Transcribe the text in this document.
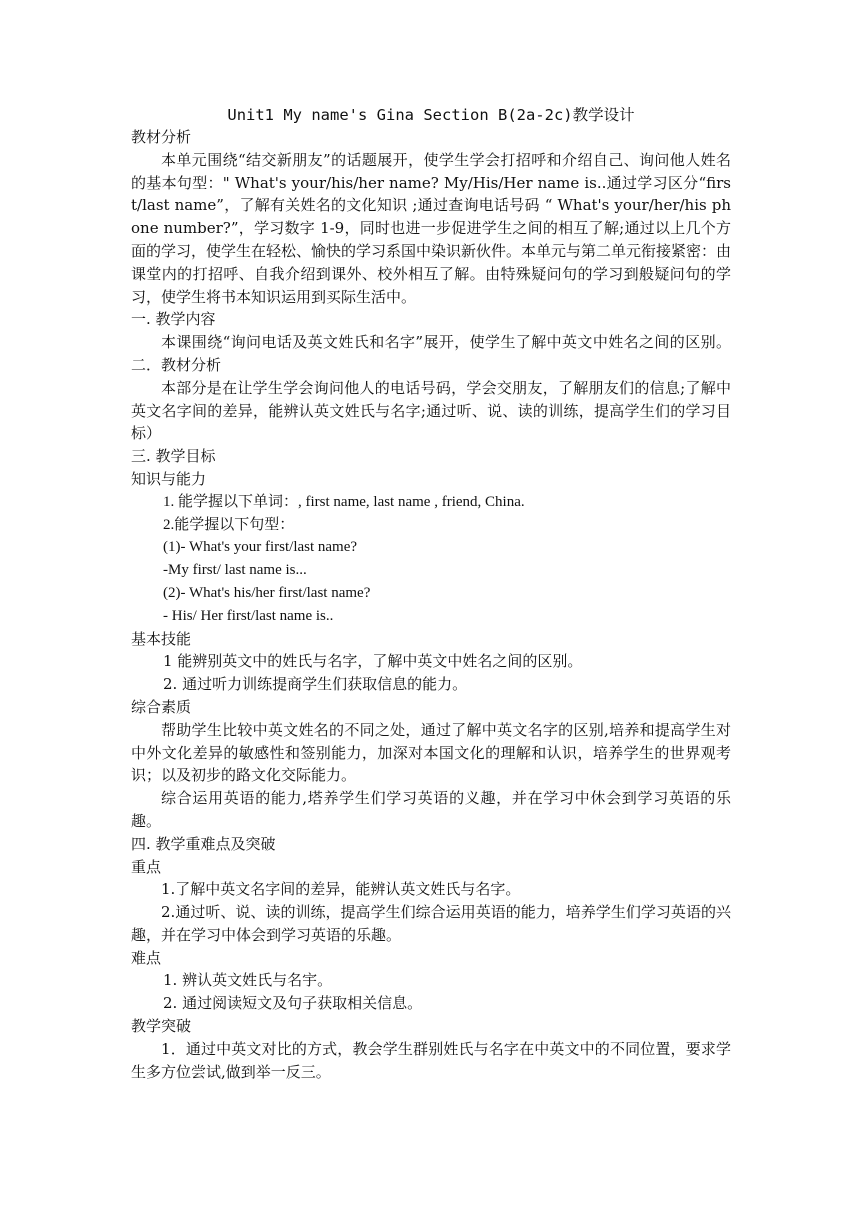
Unit1 My name's Gina Section B(2a-2c)教学设计

教材分析

本单元围绕“结交新朋友”的话题展开，使学生学会打招呼和介绍自己、询问他人姓名的基本句型：" What's your/his/her name? My/His/Her name is..通过学习区分“first/last name”，了解有关姓名的文化知识 ;通过查询电话号码 “ What's your/her/his phone number?”，学习数字 1-9，同时也进一步促进学生之间的相互了解;通过以上几个方面的学习，使学生在轻松、愉快的学习系国中染识新伙件。本单元与第二单元衔接紧密：由课堂内的打招呼、自我介绍到课外、校外相互了解。由特殊疑问句的学习到般疑问句的学习，使学生将书本知识运用到买际生活中。

一. 教学内容

本课围绕“询问电话及英文姓氏和名字”展开，使学生了解中英文中姓名之间的区别。二．教材分析

本部分是在让学生学会询问他人的电话号码，学会交朋友，了解朋友们的信息;了解中英文名字间的差异，能辨认英文姓氏与名字;通过听、说、读的训练，提高学生们的学习目标）

三. 教学目标

知识与能力

1. 能学握以下单词：, first name, last name , friend, China.

2.能学握以下句型：

(1)- What's your first/last name?

-My first/ last name is...

(2)- What's his/her first/last name?

- His/ Her first/last name is..

基本技能

1 能辨别英文中的姓氏与名字，了解中英文中姓名之间的区别。

2. 通过听力训练提商学生们获取信息的能力。

综合素质

帮助学生比较中英文姓名的不同之处，通过了解中英文名字的区别,培养和提高学生对中外文化差异的敏感性和签别能力，加深对本国文化的理解和认识，培养学生的世界观考识；以及初步的路文化交际能力。

综合运用英语的能力,塔养学生们学习英语的义趣，并在学习中休会到学习英语的乐趣。

四. 教学重难点及突破

重点

1.了解中英文名字间的差异，能辨认英文姓氏与名字。

2.通过听、说、读的训练，提高学生们综合运用英语的能力，培养学生们学习英语的兴趣，并在学习中体会到学习英语的乐趣。

难点

1. 辨认英文姓氏与名宇。

2. 通过阅读短文及句子获取相关信息。

教学突破

1．通过中英文对比的方式，教会学生群别姓氏与名字在中英文中的不同位置，要求学生多方位尝试,做到举一反三。
